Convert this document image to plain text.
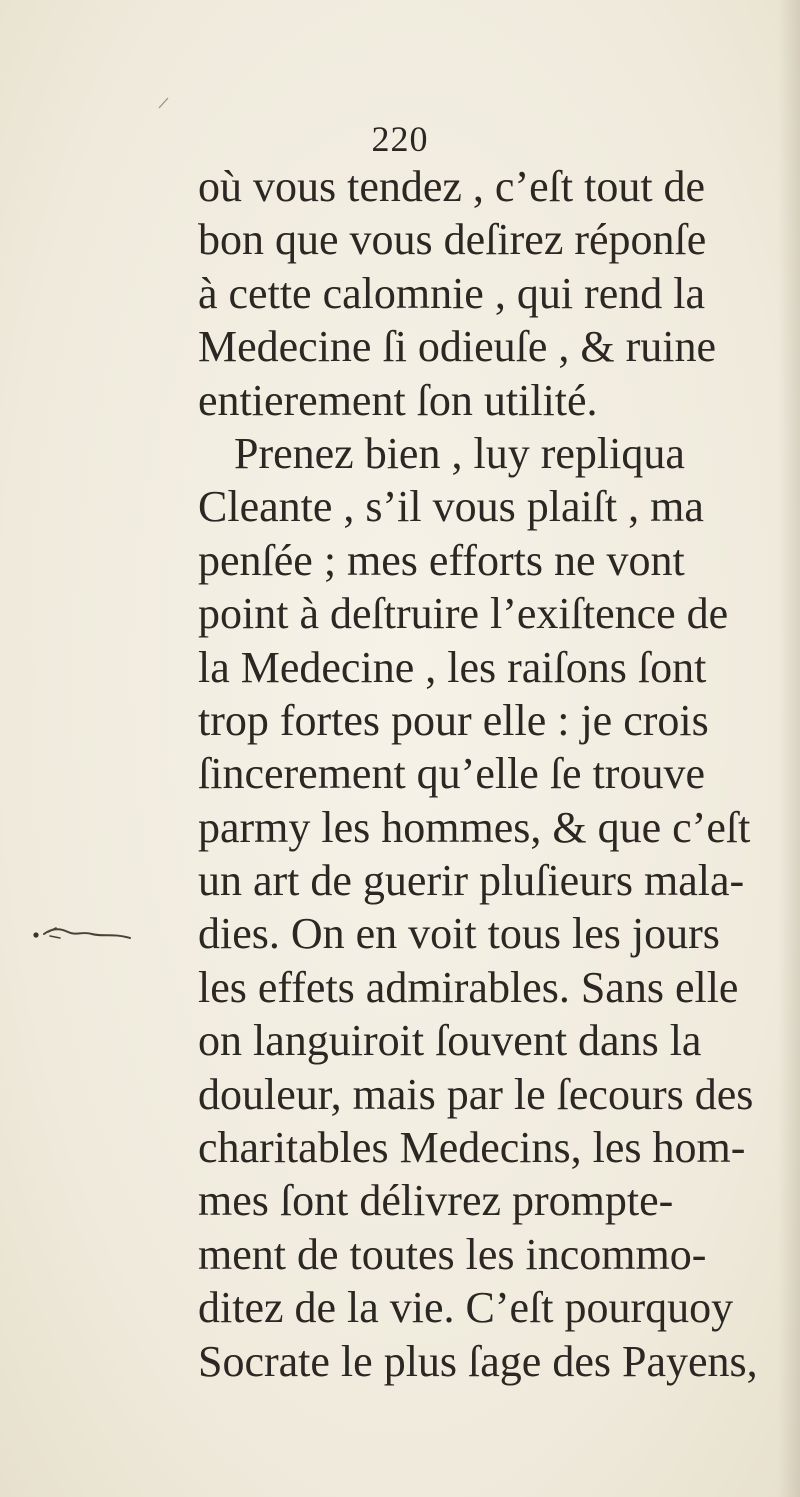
220
où vous tendez , c’eſt tout de
bon que vous deſirez réponſe
à cette calomnie , qui rend la
Medecine ſi odieuſe , & ruine
entierement ſon utilité.
Prenez bien , luy repliqua
Cleante , s’il vous plaiſt , ma
penſée ; mes efforts ne vont
point à deſtruire l’exiſtence de
la Medecine , les raiſons ſont
trop fortes pour elle : je crois
ſincerement qu’elle ſe trouve
parmy les hommes, & que c’eſt
un art de guerir pluſieurs mala-
dies. On en voit tous les jours
les effets admirables. Sans elle
on languiroit ſouvent dans la
douleur, mais par le ſecours des
charitables Medecins, les hom-
mes ſont délivrez prompte-
ment de toutes les incommo-
ditez de la vie. C’eſt pourquoy
Socrate le plus ſage des Payens,
